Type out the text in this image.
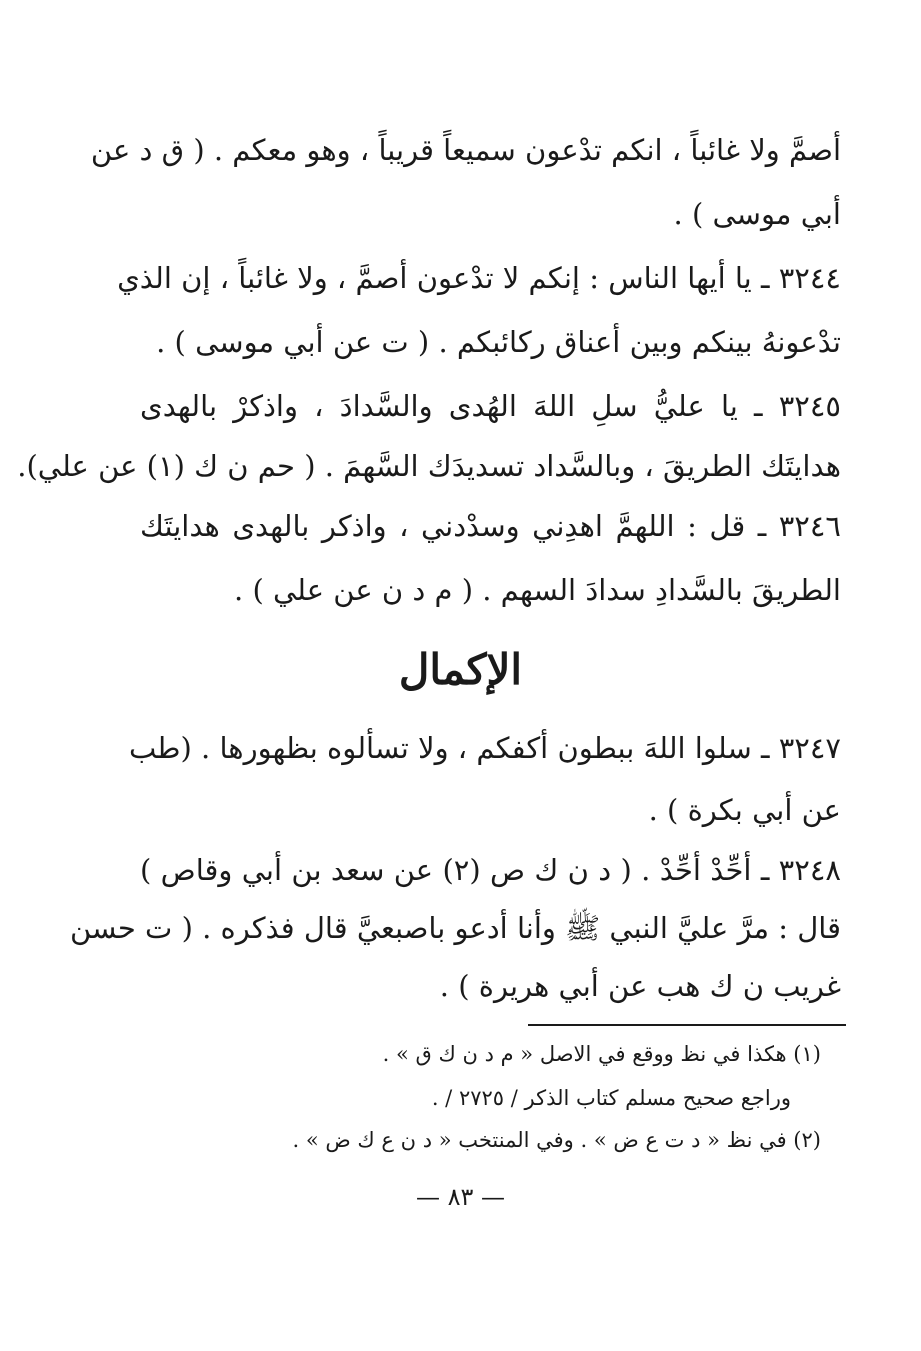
أصمَّ ولا غائباً ، انكم تدْعون سميعاً قريباً ، وهو معكم . ( ق د عن
أبي موسى ) .
٣٢٤٤ ـ يا أيها الناس : إنكم لا تدْعون أصمَّ ، ولا غائباً ، إن الذي
تدْعونهُ بينكم وبين أعناق ركائبكم . ( ت عن أبي موسى ) .
٣٢٤٥ ـ يا عليُّ سلِ اللهَ الهُدى والسَّدادَ ، واذكرْ بالهدى
هدايتَك الطريقَ ، وبالسَّداد تسديدَك السَّهمَ . ( حم ن ك (١) عن علي).
٣٢٤٦ ـ قل : اللهمَّ اهدِني وسدْدني ، واذكر بالهدى هدايتَك
الطريقَ بالسَّدادِ سدادَ السهم . ( م د ن عن علي ) .
الإكمال
٣٢٤٧ ـ سلوا اللهَ ببطون أكفكم ، ولا تسألوه بظهورها . (طب
عن أبي بكرة ) .
٣٢٤٨ ـ أحِّدْ أحِّدْ . ( د ن ك ص (٢) عن سعد بن أبي وقاص )
قال : مرَّ عليَّ النبي ﷺ وأنا أدعو باصبعيَّ قال فذكره . ( ت حسن
غريب ن ك هب عن أبي هريرة ) .
(١) هكذا في نظ ووقع في الاصل « م د ن ك ق » .
وراجع صحيح مسلم كتاب الذكر / ٢٧٢٥ / .
(٢) في نظ « د ت ع ض » . وفي المنتخب « د ن ع ك ض » .
— ٨٣ —
